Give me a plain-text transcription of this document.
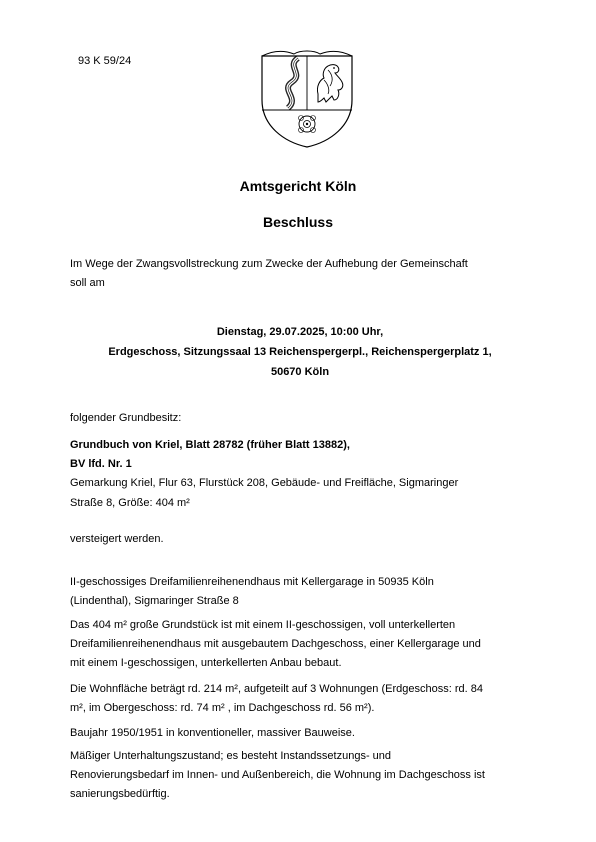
93 K 59/24
Amtsgericht Köln
Beschluss

Im Wege der Zwangsvollstreckung zum Zwecke der Aufhebung der Gemeinschaft

soll am

Dienstag, 29.07.2025, 10:00 Uhr,

Erdgeschoss, Sitzungssaal 13 Reichenspergerpl., Reichenspergerplatz 1,

50670 Köln

folgender Grundbesitz:

Grundbuch von Kriel, Blatt 28782 (früher Blatt 13882),

BV lfd. Nr. 1

Gemarkung Kriel, Flur 63, Flurstück 208, Gebäude- und Freifläche, Sigmaringer

Straße 8, Größe: 404 m²

versteigert werden.

II-geschossiges Dreifamilienreihenendhaus mit Kellergarage in 50935 Köln

(Lindenthal), Sigmaringer Straße 8

Das 404 m² große Grundstück ist mit einem II-geschossigen, voll unterkellerten

Dreifamilienreihenendhaus mit ausgebautem Dachgeschoss, einer Kellergarage und

mit einem I-geschossigen, unterkellerten Anbau bebaut.

Die Wohnfläche beträgt rd. 214 m², aufgeteilt auf 3 Wohnungen (Erdgeschoss: rd. 84

m², im Obergeschoss: rd. 74 m² , im Dachgeschoss rd. 56 m²).

Baujahr 1950/1951 in konventioneller, massiver Bauweise.

Mäßiger Unterhaltungszustand; es besteht Instandssetzungs- und

Renovierungsbedarf im Innen- und Außenbereich, die Wohnung im Dachgeschoss ist

sanierungsbedürftig.
